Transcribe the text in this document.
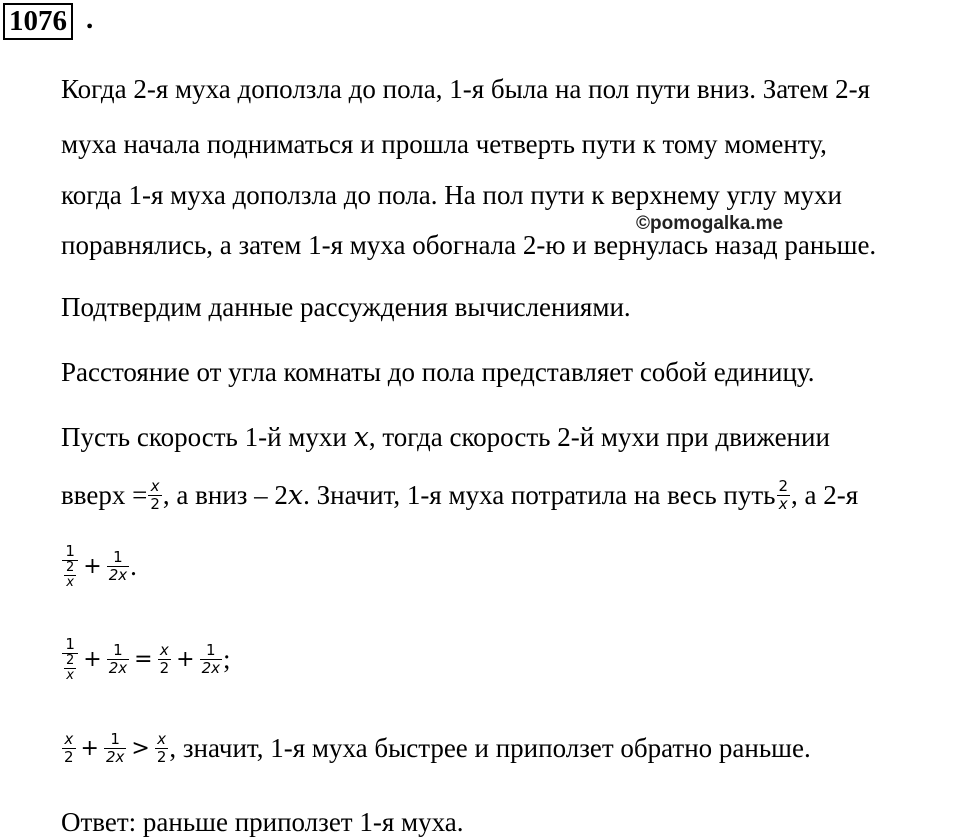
1076 .
Когда 2-я муха доползла до пола, 1-я была на пол пути вниз. Затем 2-я
муха начала подниматься и прошла четверть пути к тому моменту,
когда 1-я муха доползла до пола. На пол пути к верхнему углу мухи
поравнялись, а затем 1-я муха обогнала 2-ю и вернулась назад раньше.
©pomogalka.me
Подтвердим данные рассуждения вычислениями.
Расстояние от угла комнаты до пола представляет собой единицу.
Пусть скорость 1-й мухи x, тогда скорость 2-й мухи при движении
вверх = $\frac{x}{2}$ , а вниз – 2 x . Значит, 1-я муха потратила на весь путь $\frac{2}{x}$ , а 2-я
$\frac{1}{\frac{2}{x}} + \frac{1}{2x}$ .
$\frac{1}{\frac{2}{x}} + \frac{1}{2x} = \frac{x}{2} + \frac{1}{2x}$ ;
$\frac{x}{2} + \frac{1}{2x} > \frac{x}{2}$ , значит, 1-я муха быстрее и приползет обратно раньше.
Ответ: раньше приползет 1-я муха.
